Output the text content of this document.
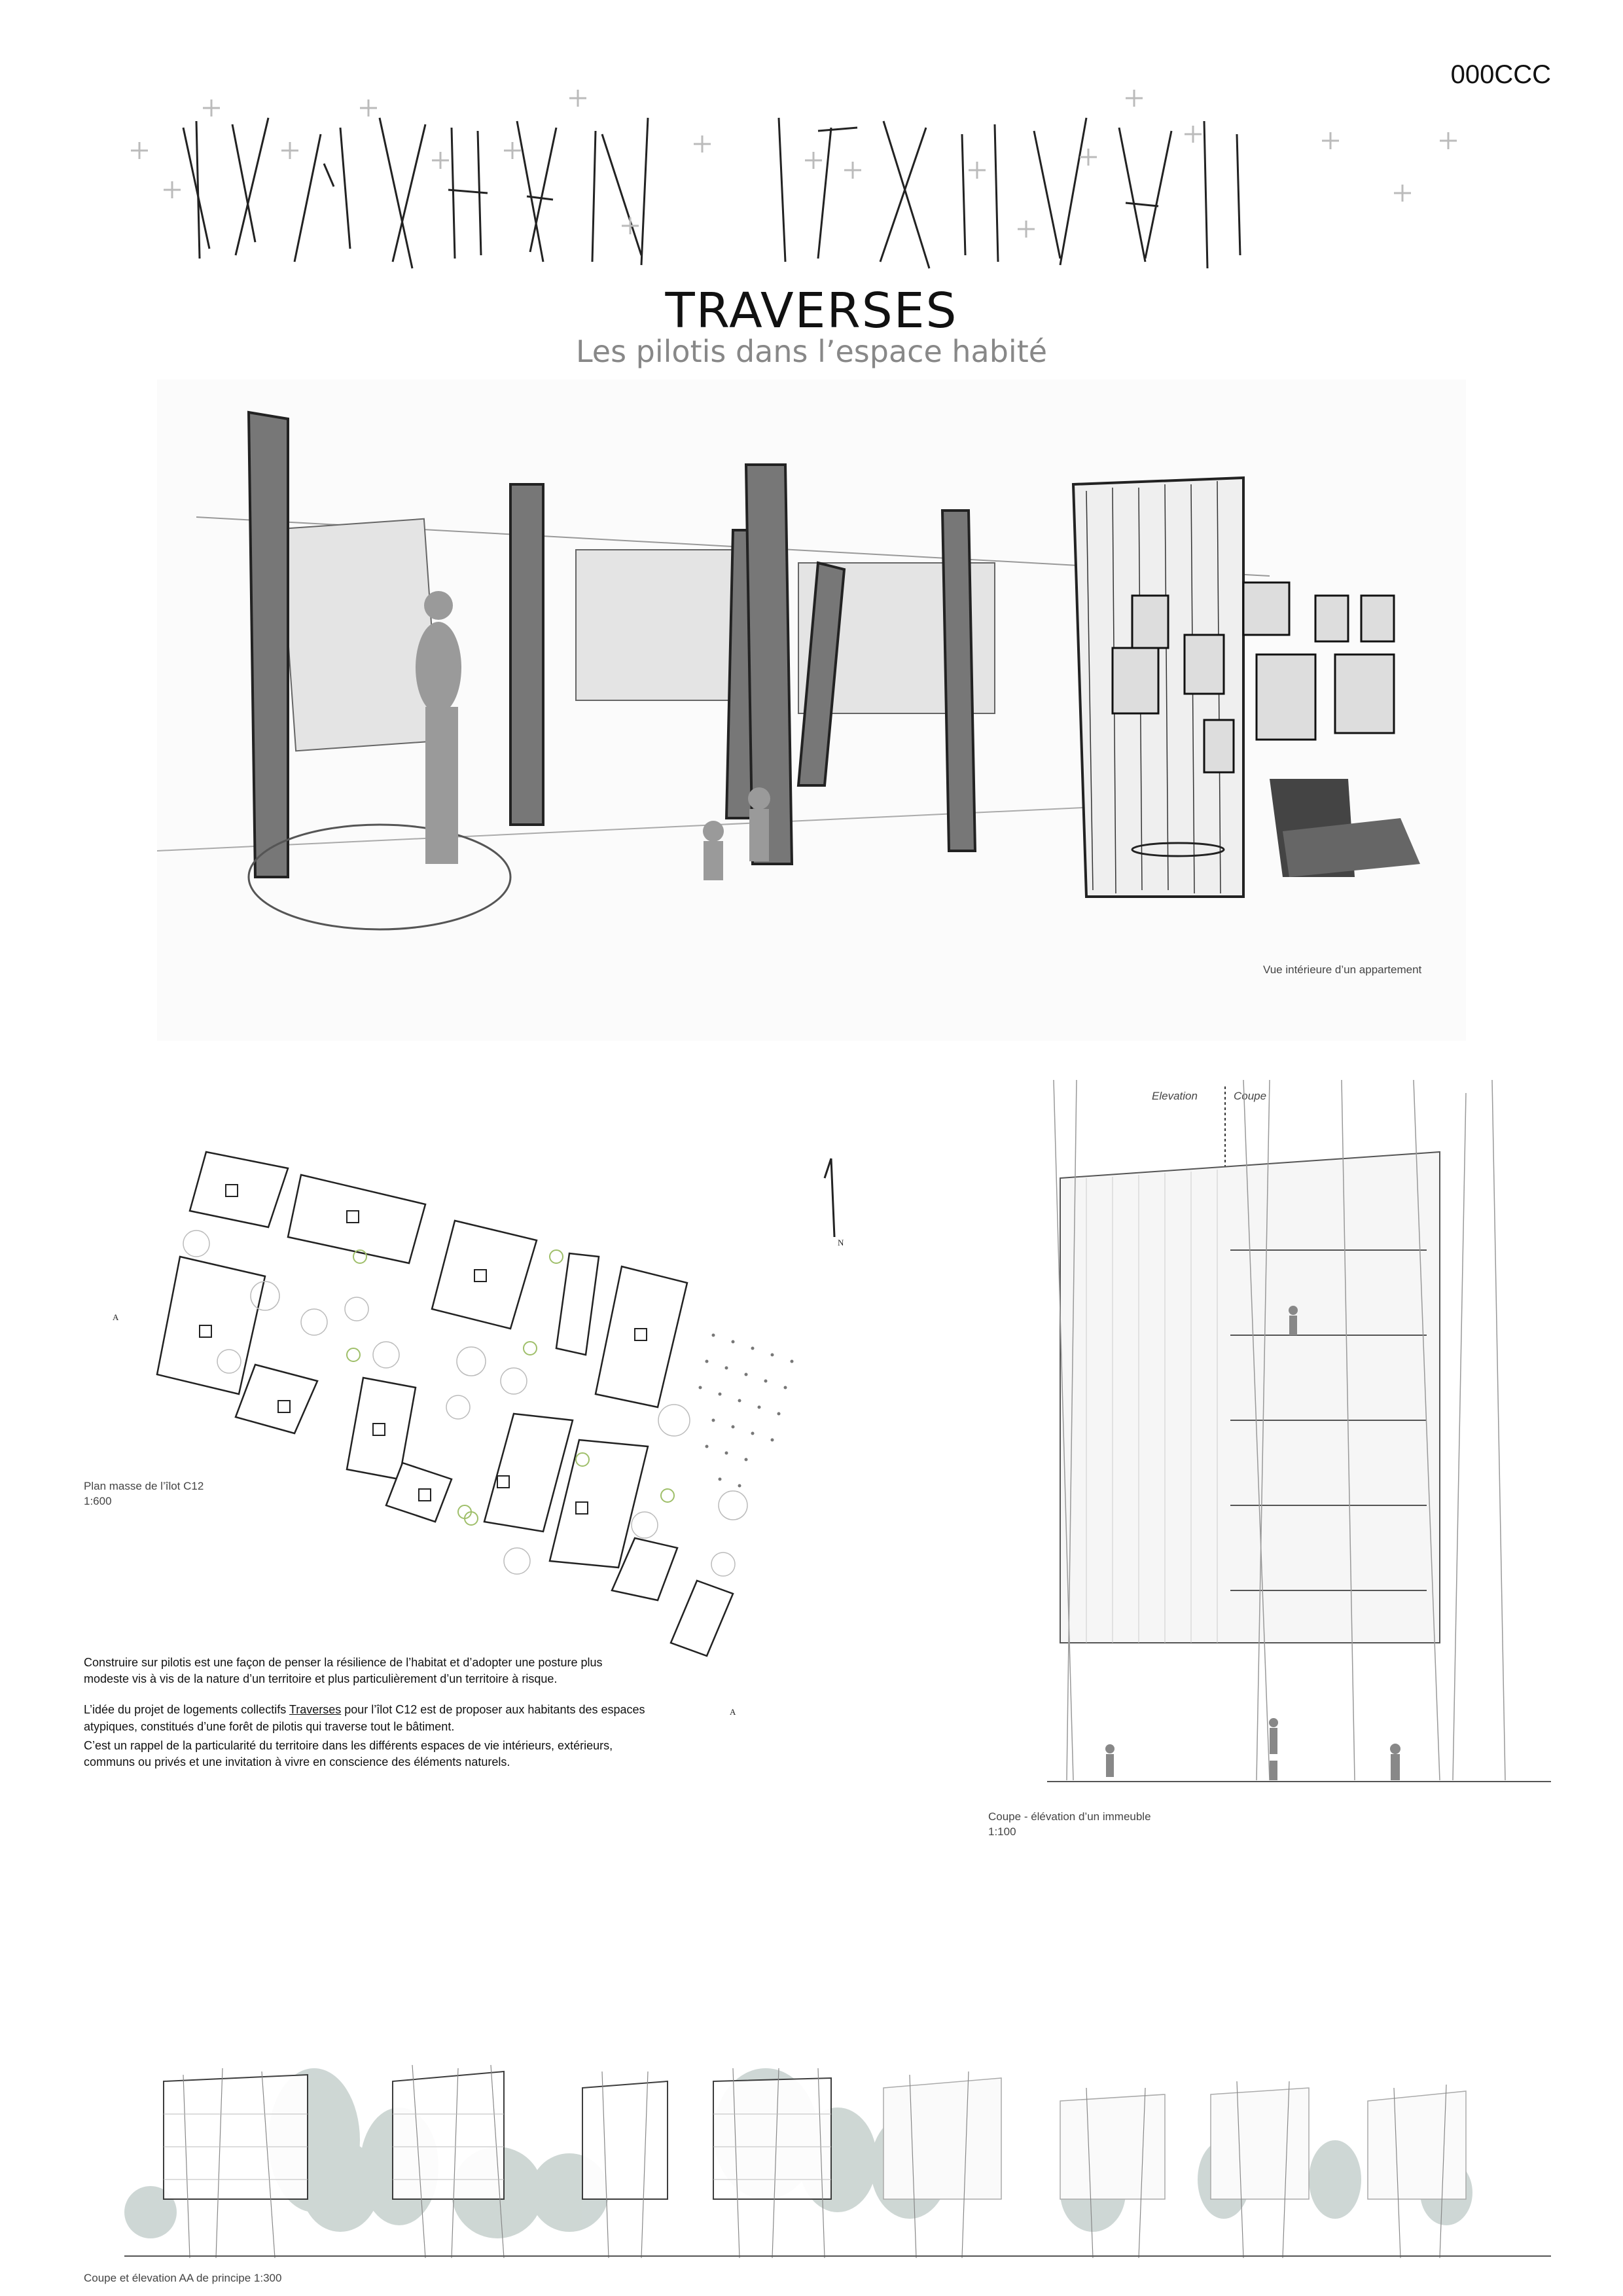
000CCC
TRAVERSES
Les pilotis dans l’espace habité
Vue intérieure d’un appartement
N
A
A
Plan masse de l’îlot C12
1:600

Construire sur pilotis est une façon de penser la résilience de l’habitat et d’adopter une posture plus modeste vis à vis de la nature d’un territoire et plus particulièrement d’un territoire à risque.

L’idée du projet de logements collectifs Traverses pour l’îlot C12 est de proposer aux habitants des espaces atypiques, constitués d’une forêt de pilotis qui traverse tout le bâtiment.

C’est un rappel de la particularité du territoire dans les différents espaces de vie intérieurs, extérieurs, communs ou privés et une invitation à vivre en conscience des éléments naturels.

Elevation	Coupe
Coupe - élévation d’un immeuble
1:100
Coupe et élevation AA de principe 1:300
